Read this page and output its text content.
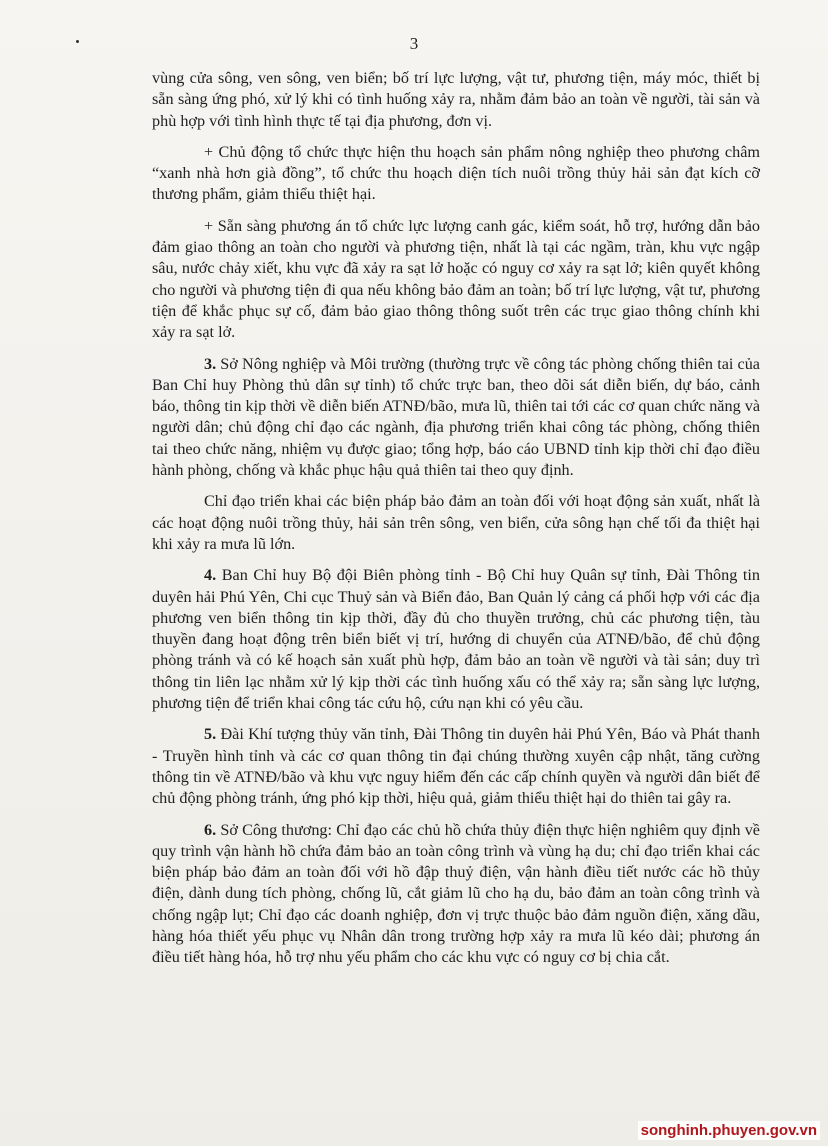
3

vùng cửa sông, ven sông, ven biển; bố trí lực lượng, vật tư, phương tiện, máy móc, thiết bị sẵn sàng ứng phó, xử lý khi có tình huống xảy ra, nhằm đảm bảo an toàn về người, tài sản và phù hợp với tình hình thực tế tại địa phương, đơn vị.

+ Chủ động tổ chức thực hiện thu hoạch sản phẩm nông nghiệp theo phương châm “xanh nhà hơn già đồng”, tổ chức thu hoạch diện tích nuôi trồng thủy hải sản đạt kích cỡ thương phẩm, giảm thiểu thiệt hại.

+ Sẵn sàng phương án tổ chức lực lượng canh gác, kiểm soát, hỗ trợ, hướng dẫn bảo đảm giao thông an toàn cho người và phương tiện, nhất là tại các ngầm, tràn, khu vực ngập sâu, nước chảy xiết, khu vực đã xảy ra sạt lở hoặc có nguy cơ xảy ra sạt lở; kiên quyết không cho người và phương tiện đi qua nếu không bảo đảm an toàn; bố trí lực lượng, vật tư, phương tiện để khắc phục sự cố, đảm bảo giao thông thông suốt trên các trục giao thông chính khi xảy ra sạt lở.

3. Sở Nông nghiệp và Môi trường (thường trực về công tác phòng chống thiên tai của Ban Chỉ huy Phòng thủ dân sự tỉnh) tổ chức trực ban, theo dõi sát diễn biến, dự báo, cảnh báo, thông tin kịp thời về diễn biến ATNĐ/bão, mưa lũ, thiên tai tới các cơ quan chức năng và người dân; chủ động chỉ đạo các ngành, địa phương triển khai công tác phòng, chống thiên tai theo chức năng, nhiệm vụ được giao; tổng hợp, báo cáo UBND tỉnh kịp thời chỉ đạo điều hành phòng, chống và khắc phục hậu quả thiên tai theo quy định.

Chỉ đạo triển khai các biện pháp bảo đảm an toàn đối với hoạt động sản xuất, nhất là các hoạt động nuôi trồng thủy, hải sản trên sông, ven biển, cửa sông hạn chế tối đa thiệt hại khi xảy ra mưa lũ lớn.

4. Ban Chỉ huy Bộ đội Biên phòng tỉnh - Bộ Chỉ huy Quân sự tỉnh, Đài Thông tin duyên hải Phú Yên, Chi cục Thuỷ sản và Biển đảo, Ban Quản lý cảng cá phối hợp với các địa phương ven biển thông tin kịp thời, đầy đủ cho thuyền trưởng, chủ các phương tiện, tàu thuyền đang hoạt động trên biển biết vị trí, hướng di chuyển của ATNĐ/bão, để chủ động phòng tránh và có kế hoạch sản xuất phù hợp, đảm bảo an toàn về người và tài sản; duy trì thông tin liên lạc nhằm xử lý kịp thời các tình huống xấu có thể xảy ra; sẵn sàng lực lượng, phương tiện để triển khai công tác cứu hộ, cứu nạn khi có yêu cầu.

5. Đài Khí tượng thủy văn tỉnh, Đài Thông tin duyên hải Phú Yên, Báo và Phát thanh - Truyền hình tỉnh và các cơ quan thông tin đại chúng thường xuyên cập nhật, tăng cường thông tin về ATNĐ/bão và khu vực nguy hiểm đến các cấp chính quyền và người dân biết để chủ động phòng tránh, ứng phó kịp thời, hiệu quả, giảm thiểu thiệt hại do thiên tai gây ra.

6. Sở Công thương: Chỉ đạo các chủ hồ chứa thủy điện thực hiện nghiêm quy định về quy trình vận hành hồ chứa đảm bảo an toàn công trình và vùng hạ du; chỉ đạo triển khai các biện pháp bảo đảm an toàn đối với hồ đập thuỷ điện, vận hành điều tiết nước các hồ thủy điện, dành dung tích phòng, chống lũ, cắt giảm lũ cho hạ du, bảo đảm an toàn công trình và chống ngập lụt; Chỉ đạo các doanh nghiệp, đơn vị trực thuộc bảo đảm nguồn điện, xăng dầu, hàng hóa thiết yếu phục vụ Nhân dân trong trường hợp xảy ra mưa lũ kéo dài; phương án điều tiết hàng hóa, hỗ trợ nhu yếu phẩm cho các khu vực có nguy cơ bị chia cắt.

songhinh.phuyen.gov.vn
